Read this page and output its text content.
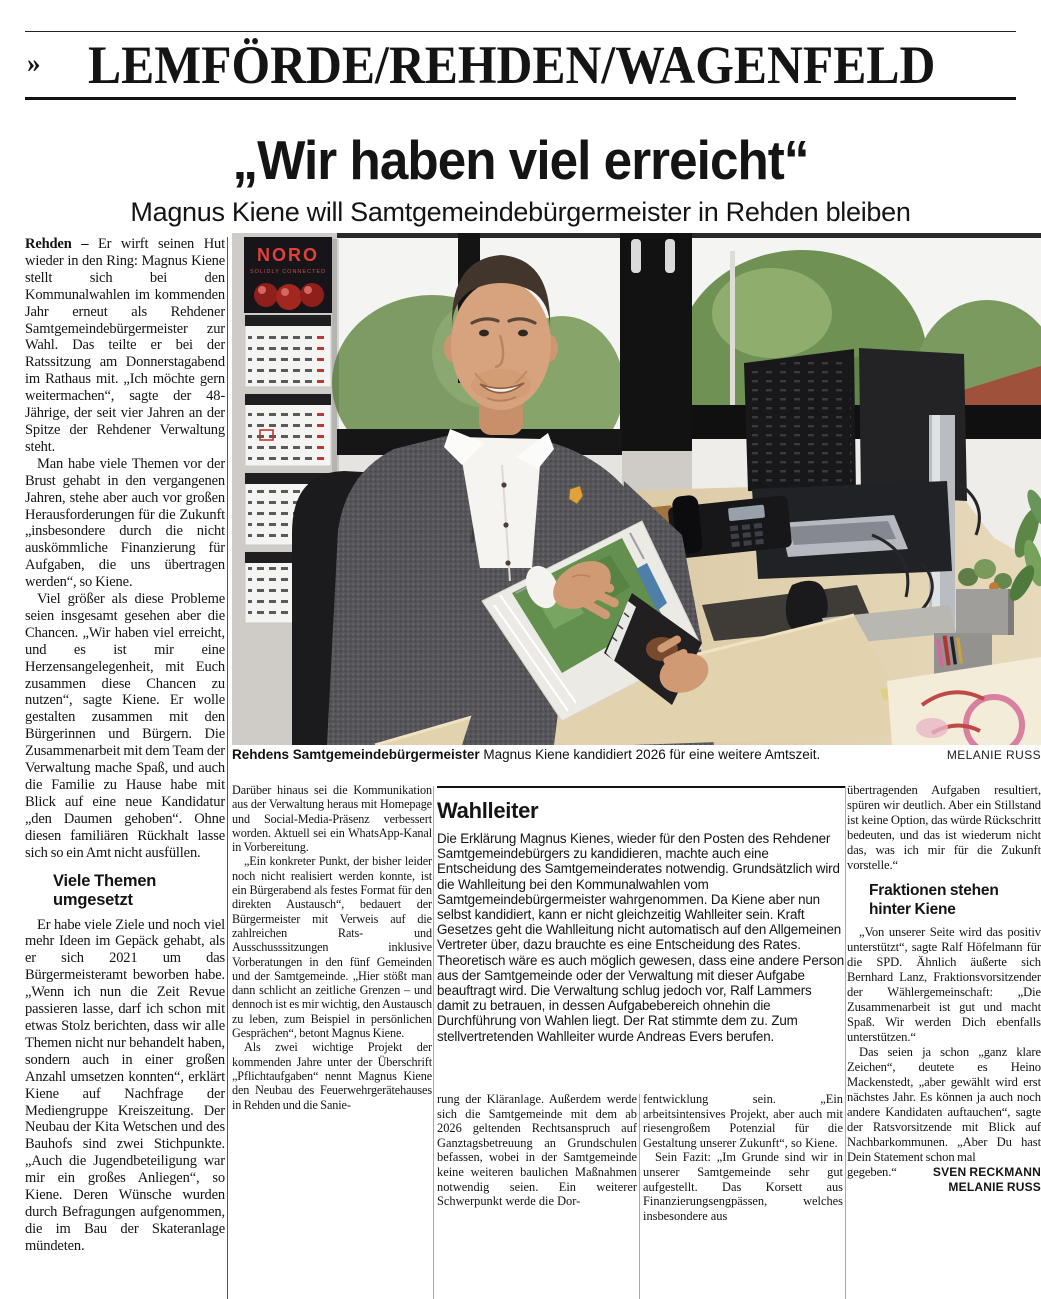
» LEMFÖRDE/REHDEN/WAGENFELD
„Wir haben viel erreicht“
Magnus Kiene will Samtgemeindebürgermeister in Rehden bleiben

Rehden – Er wirft seinen Hut wieder in den Ring: Magnus Kiene stellt sich bei den Kommunalwahlen im kommenden Jahr erneut als Rehdener Samtgemeindebürgermeister zur Wahl. Das teilte er bei der Ratssitzung am Donnerstagabend im Rathaus mit. „Ich möchte gern weitermachen“, sagte der 48-Jährige, der seit vier Jahren an der Spitze der Rehdener Verwaltung steht.

Man habe viele Themen vor der Brust gehabt in den vergangenen Jahren, stehe aber auch vor großen Herausforderungen für die Zukunft „insbesondere durch die nicht auskömmliche Finanzierung für Aufgaben, die uns übertragen werden“, so Kiene.

Viel größer als diese Probleme seien insgesamt gesehen aber die Chancen. „Wir haben viel erreicht, und es ist mir eine Herzensangelegenheit, mit Euch zusammen diese Chancen zu nutzen“, sagte Kiene. Er wolle gestalten zusammen mit den Bürgerinnen und Bürgern. Die Zusammenarbeit mit dem Team der Verwaltung mache Spaß, und auch die Familie zu Hause habe mit Blick auf eine neue Kandidatur „den Daumen gehoben“. Ohne diesen familiären Rückhalt lasse sich so ein Amt nicht ausfüllen.

Viele Themen umgesetzt

Er habe viele Ziele und noch viel mehr Ideen im Gepäck gehabt, als er sich 2021 um das Bürgermeisteramt beworben habe. „Wenn ich nun die Zeit Revue passieren lasse, darf ich schon mit etwas Stolz berichten, dass wir alle Themen nicht nur behandelt haben, sondern auch in einer großen Anzahl umsetzen konnten“, erklärt Kiene auf Nachfrage der Mediengruppe Kreiszeitung. Der Neubau der Kita Wetschen und des Bauhofs sind zwei Stichpunkte. „Auch die Jugendbeteiligung war mir ein großes Anliegen“, so Kiene. Deren Wünsche wurden durch Befragungen aufgenommen, die im Bau der Skateranlage mündeten.

NORO
SOLIDLY CONNECTED
Rehdens Samtgemeindebürgermeister Magnus Kiene kandidiert 2026 für eine weitere Amtszeit.	MELANIE RUSS

Darüber hinaus sei die Kommunikation aus der Verwaltung heraus mit Homepage und Social-Media-Präsenz verbessert worden. Aktuell sei ein WhatsApp-Kanal in Vorbereitung.

„Ein konkreter Punkt, der bisher leider noch nicht realisiert werden konnte, ist ein Bürgerabend als festes Format für den direkten Austausch“, bedauert der Bürgermeister mit Verweis auf die zahlreichen Rats- und Ausschusssitzungen inklusive Vorberatungen in den fünf Gemeinden und der Samtgemeinde. „Hier stößt man dann schlicht an zeitliche Grenzen – und dennoch ist es mir wichtig, den Austausch zu leben, zum Beispiel in persönlichen Gesprächen“, betont Magnus Kiene.

Als zwei wichtige Projekt der kommenden Jahre unter der Überschrift „Pflichtaufgaben“ nennt Magnus Kiene den Neubau des Feuerwehrgerätehauses in Rehden und die Sanie-

Wahlleiter

Die Erklärung Magnus Kienes, wieder für den Posten des Rehdener Samtgemeindebürgers zu kandidieren, machte auch eine Entscheidung des Samtgemeinderates notwendig. Grundsätzlich wird die Wahlleitung bei den Kommunalwahlen vom Samtgemeindebürgermeister wahrgenommen. Da Kiene aber nun selbst kandidiert, kann er nicht gleichzeitig Wahlleiter sein. Kraft Gesetzes geht die Wahlleitung nicht automatisch auf den Allgemeinen Vertreter über, dazu brauchte es eine Entscheidung des Rates. Theoretisch wäre es auch möglich gewesen, dass eine andere Person aus der Samtgemeinde oder der Verwaltung mit dieser Aufgabe beauftragt wird. Die Verwaltung schlug jedoch vor, Ralf Lammers damit zu betrauen, in dessen Aufgabebereich ohnehin die Durchführung von Wahlen liegt. Der Rat stimmte dem zu. Zum stellvertretenden Wahlleiter wurde Andreas Evers berufen.

rung der Kläranlage. Außerdem werde sich die Samtgemeinde mit dem ab 2026 geltenden Rechtsanspruch auf Ganztagsbetreuung an Grundschulen befassen, wobei in der Samtgemeinde keine weiteren baulichen Maßnahmen notwendig seien. Ein weiterer Schwerpunkt werde die Dor-

fentwicklung sein. „Ein arbeitsintensives Projekt, aber auch mit riesengroßem Potenzial für die Gestaltung unserer Zukunft“, so Kiene.

Sein Fazit: „Im Grunde sind wir in unserer Samtgemeinde sehr gut aufgestellt. Das Korsett aus Finanzierungsengpässen, welches insbesondere aus

übertragenden Aufgaben resultiert, spüren wir deutlich. Aber ein Stillstand ist keine Option, das würde Rückschritt bedeuten, und das ist wiederum nicht das, was ich mir für die Zukunft vorstelle.“

Fraktionen stehen hinter Kiene

„Von unserer Seite wird das positiv unterstützt“, sagte Ralf Höfelmann für die SPD. Ähnlich äußerte sich Bernhard Lanz, Fraktionsvorsitzender der Wählergemeinschaft: „Die Zusammenarbeit ist gut und macht Spaß. Wir werden Dich ebenfalls unterstützen.“

Das seien ja schon „ganz klare Zeichen“, deutete es Heino Mackenstedt, „aber gewählt wird erst nächstes Jahr. Es können ja auch noch andere Kandidaten auftauchen“, sagte der Ratsvorsitzende mit Blick auf Nachbarkommunen. „Aber Du hast Dein Statement schon mal

gegeben.“	SVEN RECKMANN
MELANIE RUSS
